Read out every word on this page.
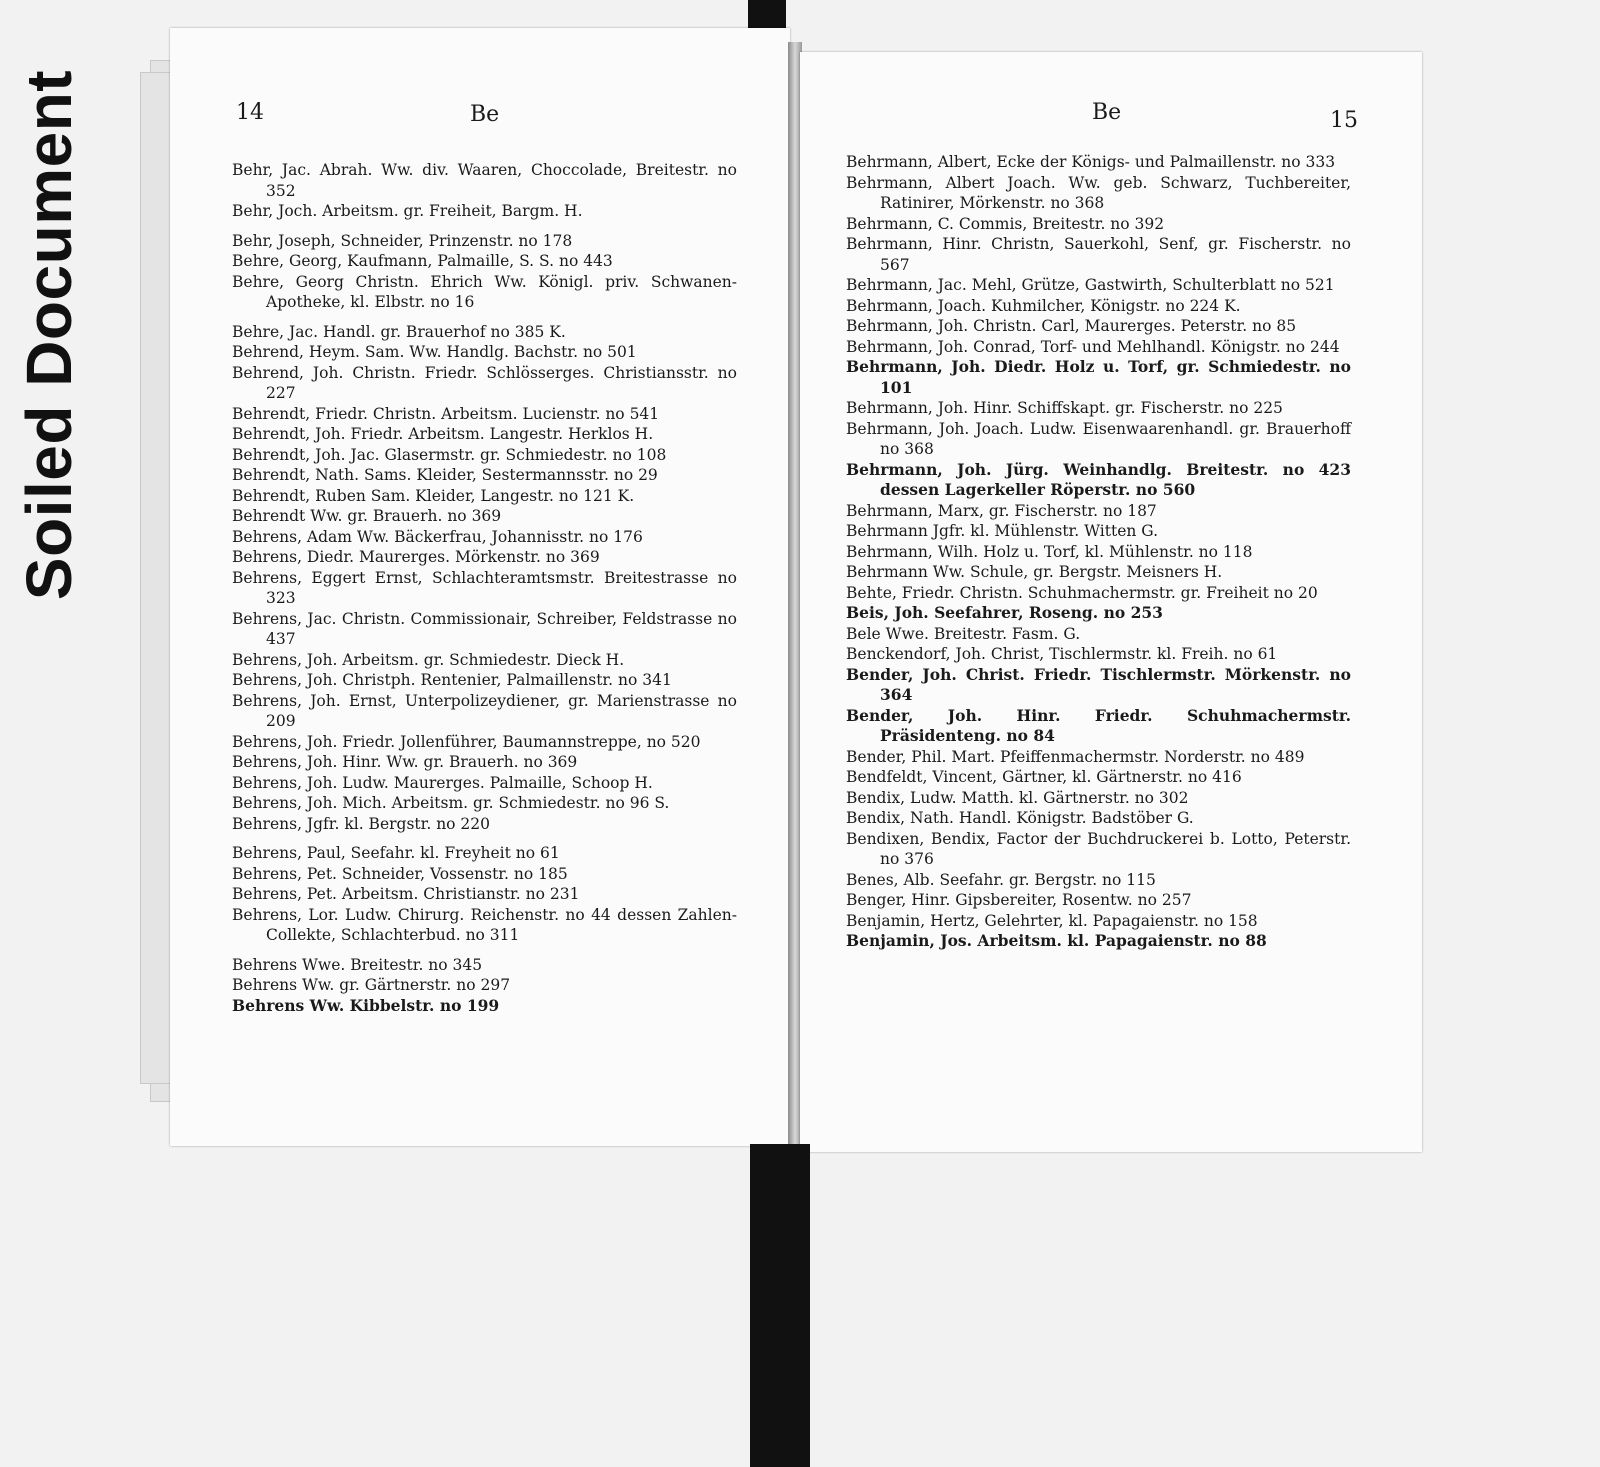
Soiled Document	14	Be

Behr, Jac. Abrah. Ww. div. Waaren, Choccolade, Breitestr. no 352

Behr, Joch. Arbeitsm. gr. Freiheit, Bargm. H.

Behr, Joseph, Schneider, Prinzenstr. no 178

Behre, Georg, Kaufmann, Palmaille, S. S. no 443

Behre, Georg Christn. Ehrich Ww. Königl. priv. Schwanen-Apotheke, kl. Elbstr. no 16

Behre, Jac. Handl. gr. Brauerhof no 385 K.

Behrend, Heym. Sam. Ww. Handlg. Bachstr. no 501

Behrend, Joh. Christn. Friedr. Schlösserges. Christiansstr. no 227

Behrendt, Friedr. Christn. Arbeitsm. Lucienstr. no 541

Behrendt, Joh. Friedr. Arbeitsm. Langestr. Herklos H.

Behrendt, Joh. Jac. Glasermstr. gr. Schmiedestr. no 108

Behrendt, Nath. Sams. Kleider, Sestermannsstr. no 29

Behrendt, Ruben Sam. Kleider, Langestr. no 121 K.

Behrendt Ww. gr. Brauerh. no 369

Behrens, Adam Ww. Bäckerfrau, Johannisstr. no 176

Behrens, Diedr. Maurerges. Mörkenstr. no 369

Behrens, Eggert Ernst, Schlachteramtsmstr. Breitestrasse no 323

Behrens, Jac. Christn. Commissionair, Schreiber, Feldstrasse no 437

Behrens, Joh. Arbeitsm. gr. Schmiedestr. Dieck H.

Behrens, Joh. Christph. Rentenier, Palmaillenstr. no 341

Behrens, Joh. Ernst, Unterpolizeydiener, gr. Marienstrasse no 209

Behrens, Joh. Friedr. Jollenführer, Baumannstreppe, no 520

Behrens, Joh. Hinr. Ww. gr. Brauerh. no 369

Behrens, Joh. Ludw. Maurerges. Palmaille, Schoop H.

Behrens, Joh. Mich. Arbeitsm. gr. Schmiedestr. no 96 S.

Behrens, Jgfr. kl. Bergstr. no 220

Behrens, Paul, Seefahr. kl. Freyheit no 61

Behrens, Pet. Schneider, Vossenstr. no 185

Behrens, Pet. Arbeitsm. Christianstr. no 231

Behrens, Lor. Ludw. Chirurg. Reichenstr. no 44 dessen Zahlen-Collekte, Schlachterbud. no 311

Behrens Wwe. Breitestr. no 345

Behrens Ww. gr. Gärtnerstr. no 297

Behrens Ww. Kibbelstr. no 199

Be	15

Behrmann, Albert, Ecke der Königs- und Palmaillenstr. no 333

Behrmann, Albert Joach. Ww. geb. Schwarz, Tuchbereiter, Ratinirer, Mörkenstr. no 368

Behrmann, C. Commis, Breitestr. no 392

Behrmann, Hinr. Christn, Sauerkohl, Senf, gr. Fischerstr. no 567

Behrmann, Jac. Mehl, Grütze, Gastwirth, Schulterblatt no 521

Behrmann, Joach. Kuhmilcher, Königstr. no 224 K.

Behrmann, Joh. Christn. Carl, Maurerges. Peterstr. no 85

Behrmann, Joh. Conrad, Torf- und Mehlhandl. Königstr. no 244

Behrmann, Joh. Diedr. Holz u. Torf, gr. Schmiedestr. no 101

Behrmann, Joh. Hinr. Schiffskapt. gr. Fischerstr. no 225

Behrmann, Joh. Joach. Ludw. Eisenwaarenhandl. gr. Brauerhoff no 368

Behrmann, Joh. Jürg. Weinhandlg. Breitestr. no 423 dessen Lagerkeller Röperstr. no 560

Behrmann, Marx, gr. Fischerstr. no 187

Behrmann Jgfr. kl. Mühlenstr. Witten G.

Behrmann, Wilh. Holz u. Torf, kl. Mühlenstr. no 118

Behrmann Ww. Schule, gr. Bergstr. Meisners H.

Behte, Friedr. Christn. Schuhmachermstr. gr. Freiheit no 20

Beis, Joh. Seefahrer, Roseng. no 253

Bele Wwe. Breitestr. Fasm. G.

Benckendorf, Joh. Christ, Tischlermstr. kl. Freih. no 61

Bender, Joh. Christ. Friedr. Tischlermstr. Mörkenstr. no 364

Bender, Joh. Hinr. Friedr. Schuhmachermstr. Präsidenteng. no 84

Bender, Phil. Mart. Pfeiffenmachermstr. Norderstr. no 489

Bendfeldt, Vincent, Gärtner, kl. Gärtnerstr. no 416

Bendix, Ludw. Matth. kl. Gärtnerstr. no 302

Bendix, Nath. Handl. Königstr. Badstöber G.

Bendixen, Bendix, Factor der Buchdruckerei b. Lotto, Peterstr. no 376

Benes, Alb. Seefahr. gr. Bergstr. no 115

Benger, Hinr. Gipsbereiter, Rosentw. no 257

Benjamin, Hertz, Gelehrter, kl. Papagaienstr. no 158

Benjamin, Jos. Arbeitsm. kl. Papagaienstr. no 88
